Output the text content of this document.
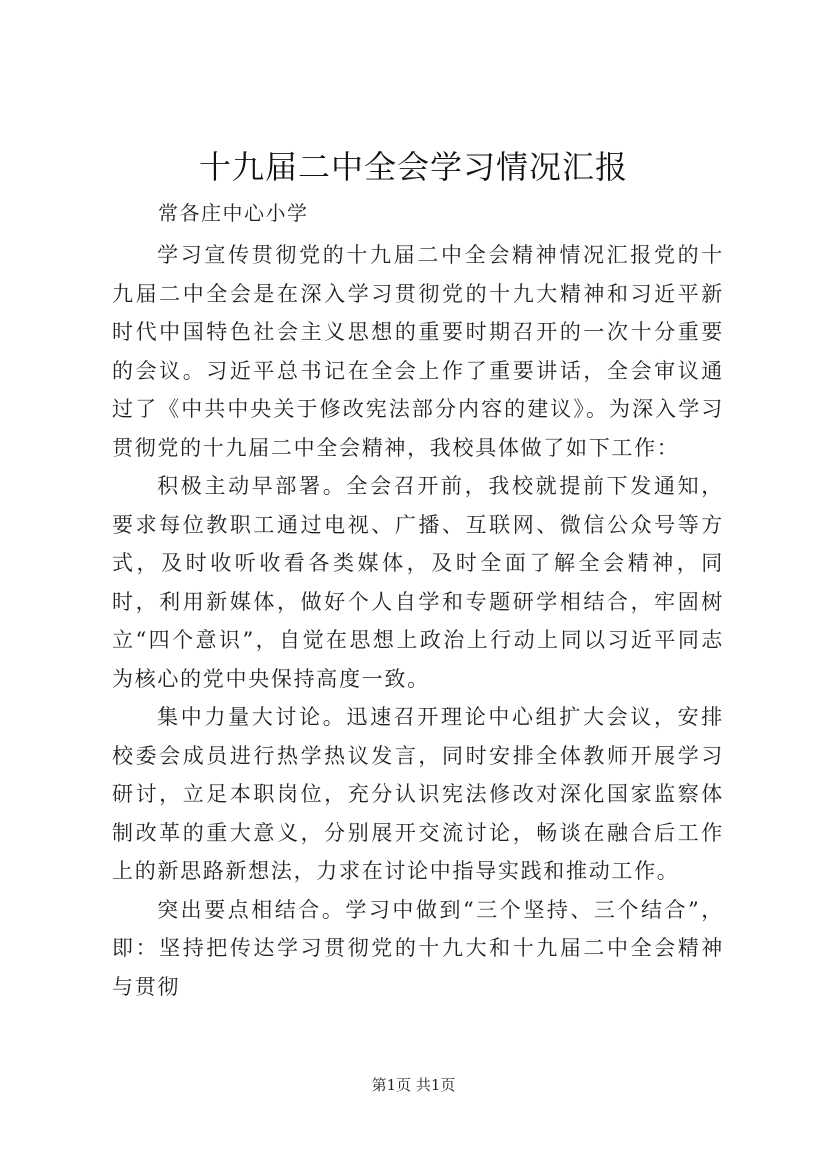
十九届二中全会学习情况汇报
常各庄中心小学

学习宣传贯彻党的十九届二中全会精神情况汇报党的十九届二中全会是在深入学习贯彻党的十九大精神和习近平新时代中国特色社会主义思想的重要时期召开的一次十分重要的会议。习近平总书记在全会上作了重要讲话，全会审议通过了《中共中央关于修改宪法部分内容的建议》。为深入学习贯彻党的十九届二中全会精神，我校具体做了如下工作：

积极主动早部署。全会召开前，我校就提前下发通知，要求每位教职工通过电视、广播、互联网、微信公众号等方式，及时收听收看各类媒体，及时全面了解全会精神，同时，利用新媒体，做好个人自学和专题研学相结合，牢固树立“四个意识”，自觉在思想上政治上行动上同以习近平同志为核心的党中央保持高度一致。

集中力量大讨论。迅速召开理论中心组扩大会议，安排校委会成员进行热学热议发言，同时安排全体教师开展学习研讨，立足本职岗位，充分认识宪法修改对深化国家监察体制改革的重大意义，分别展开交流讨论，畅谈在融合后工作上的新思路新想法，力求在讨论中指导实践和推动工作。

突出要点相结合。学习中做到“三个坚持、三个结合”，即：坚持把传达学习贯彻党的十九大和十九届二中全会精神与贯彻

第1页 共1页
